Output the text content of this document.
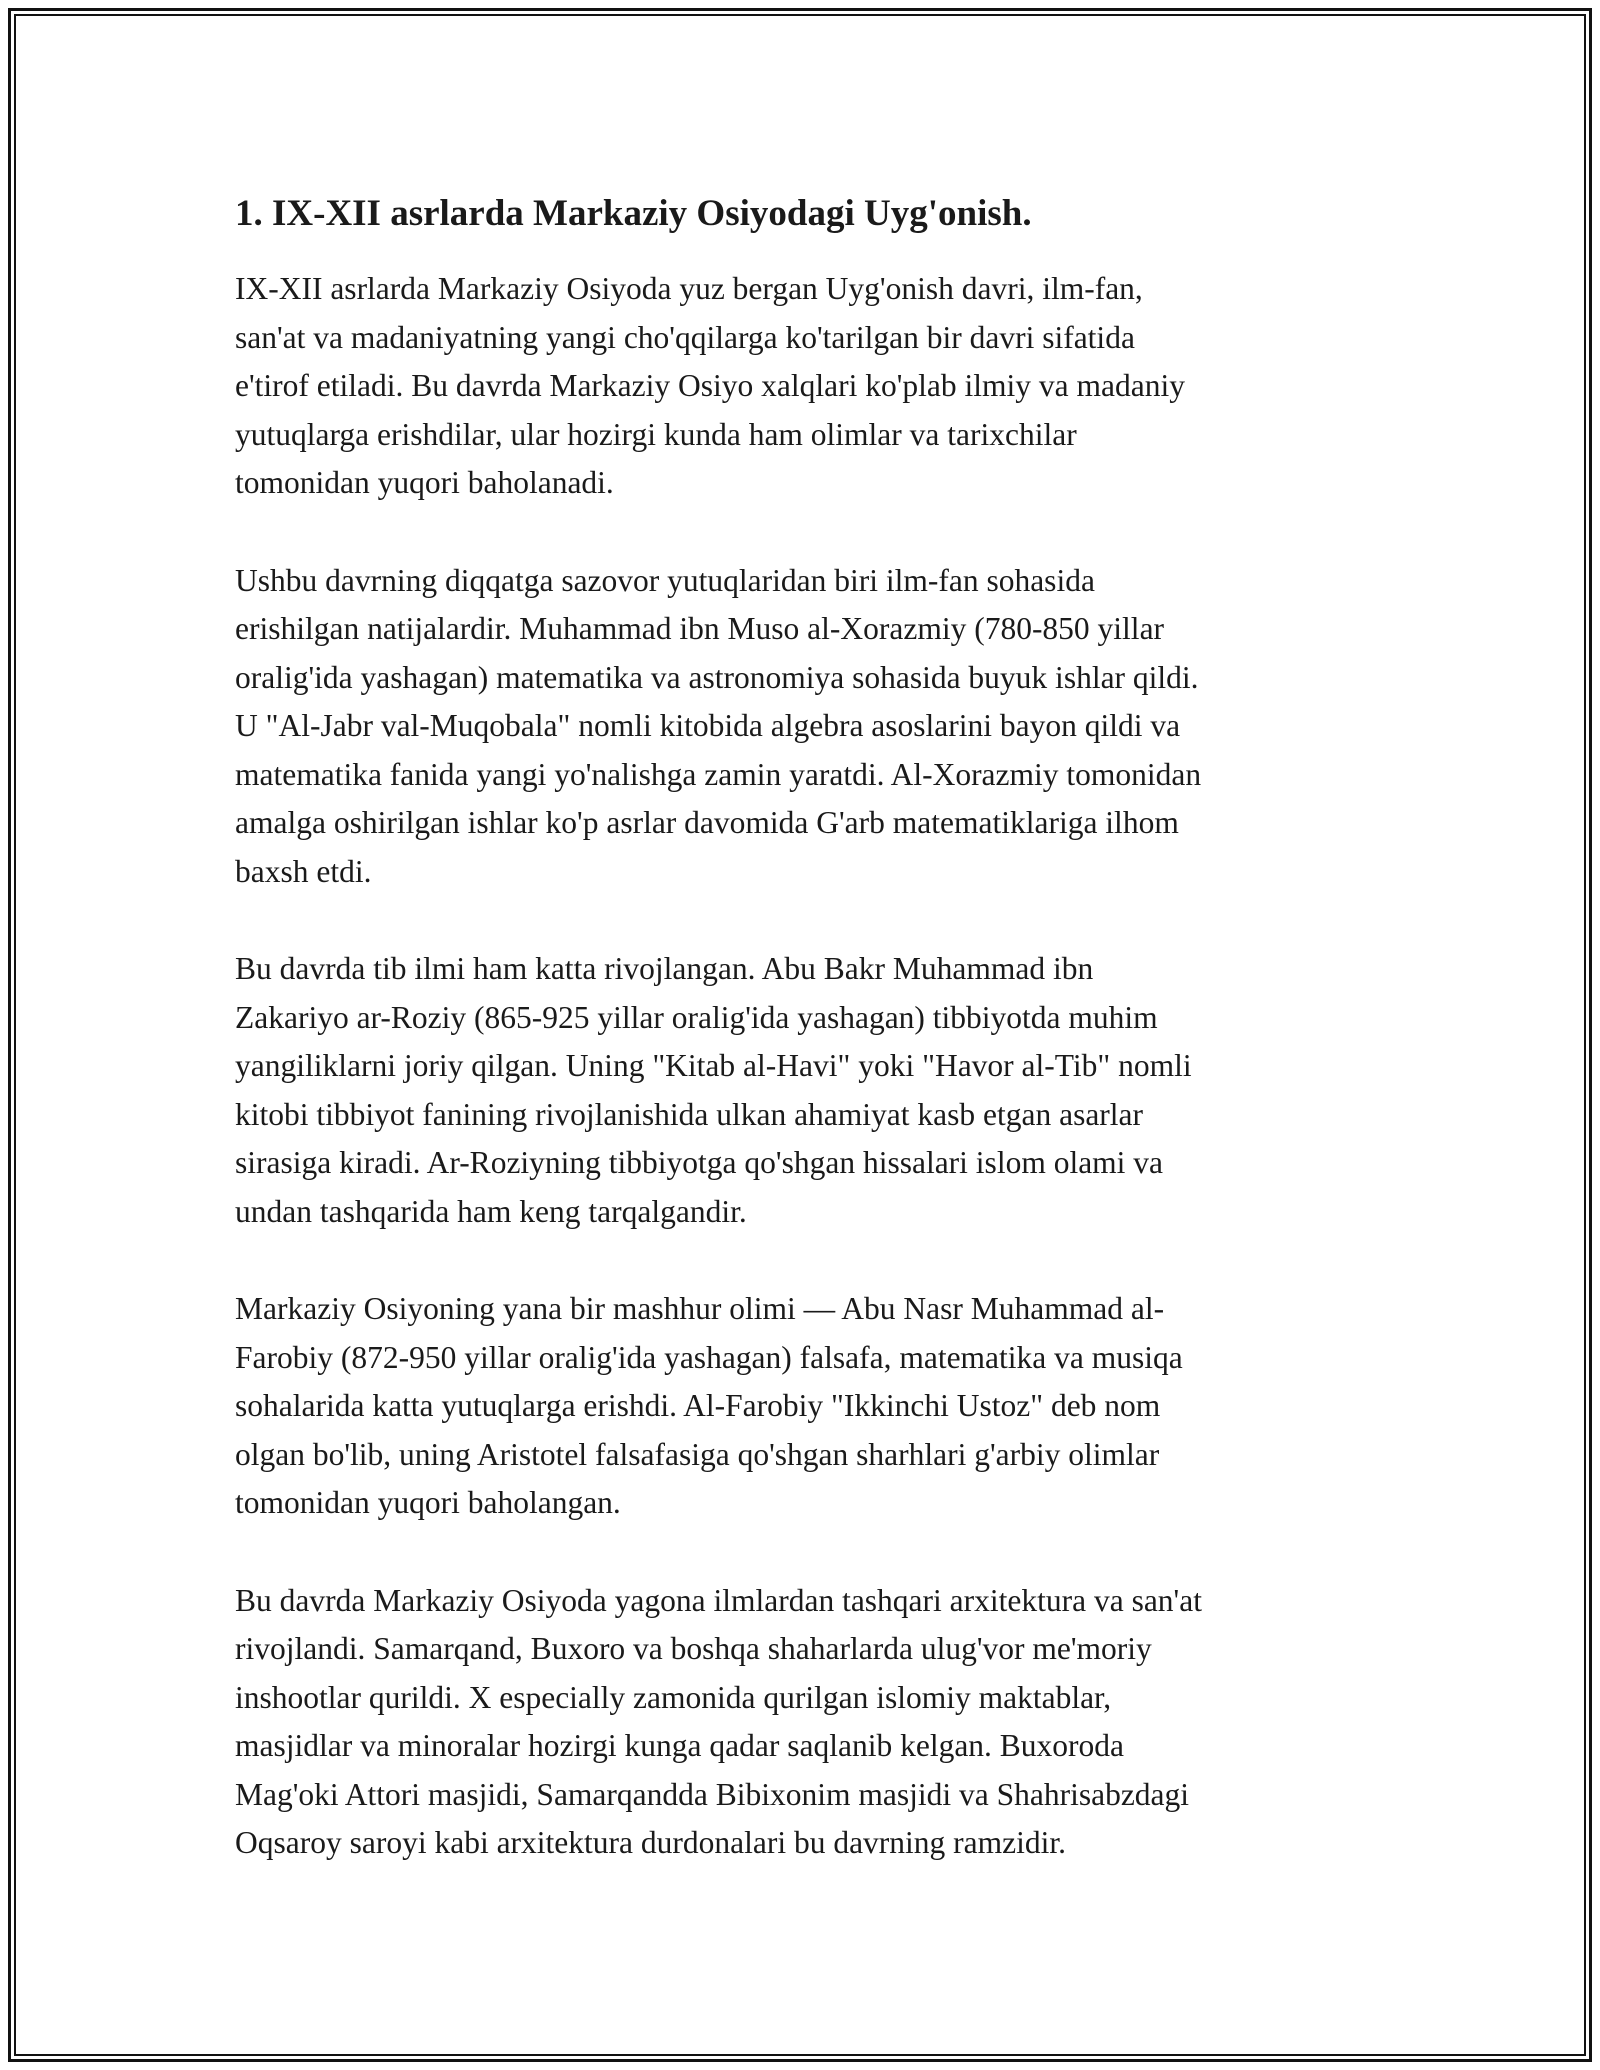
1. IX-XII asrlarda Markaziy Osiyodagi Uyg'onish.

IX-XII asrlarda Markaziy Osiyoda yuz bergan Uyg'onish davri, ilm-fan,
san'at va madaniyatning yangi cho'qqilarga ko'tarilgan bir davri sifatida
e'tirof etiladi. Bu davrda Markaziy Osiyo xalqlari ko'plab ilmiy va madaniy
yutuqlarga erishdilar, ular hozirgi kunda ham olimlar va tarixchilar
tomonidan yuqori baholanadi.

Ushbu davrning diqqatga sazovor yutuqlaridan biri ilm-fan sohasida
erishilgan natijalardir. Muhammad ibn Muso al-Xorazmiy (780-850 yillar
oralig'ida yashagan) matematika va astronomiya sohasida buyuk ishlar qildi.
U "Al-Jabr val-Muqobala" nomli kitobida algebra asoslarini bayon qildi va
matematika fanida yangi yo'nalishga zamin yaratdi. Al-Xorazmiy tomonidan
amalga oshirilgan ishlar ko'p asrlar davomida G'arb matematiklariga ilhom
baxsh etdi.

Bu davrda tib ilmi ham katta rivojlangan. Abu Bakr Muhammad ibn
Zakariyo ar-Roziy (865-925 yillar oralig'ida yashagan) tibbiyotda muhim
yangiliklarni joriy qilgan. Uning "Kitab al-Havi" yoki "Havor al-Tib" nomli
kitobi tibbiyot fanining rivojlanishida ulkan ahamiyat kasb etgan asarlar
sirasiga kiradi. Ar-Roziyning tibbiyotga qo'shgan hissalari islom olami va
undan tashqarida ham keng tarqalgandir.

Markaziy Osiyoning yana bir mashhur olimi — Abu Nasr Muhammad al-
Farobiy (872-950 yillar oralig'ida yashagan) falsafa, matematika va musiqa
sohalarida katta yutuqlarga erishdi. Al-Farobiy "Ikkinchi Ustoz" deb nom
olgan bo'lib, uning Aristotel falsafasiga qo'shgan sharhlari g'arbiy olimlar
tomonidan yuqori baholangan.

Bu davrda Markaziy Osiyoda yagona ilmlardan tashqari arxitektura va san'at
rivojlandi. Samarqand, Buxoro va boshqa shaharlarda ulug'vor me'moriy
inshootlar qurildi. X especially zamonida qurilgan islomiy maktablar,
masjidlar va minoralar hozirgi kunga qadar saqlanib kelgan. Buxoroda
Mag'oki Attori masjidi, Samarqandda Bibixonim masjidi va Shahrisabzdagi
Oqsaroy saroyi kabi arxitektura durdonalari bu davrning ramzidir.
